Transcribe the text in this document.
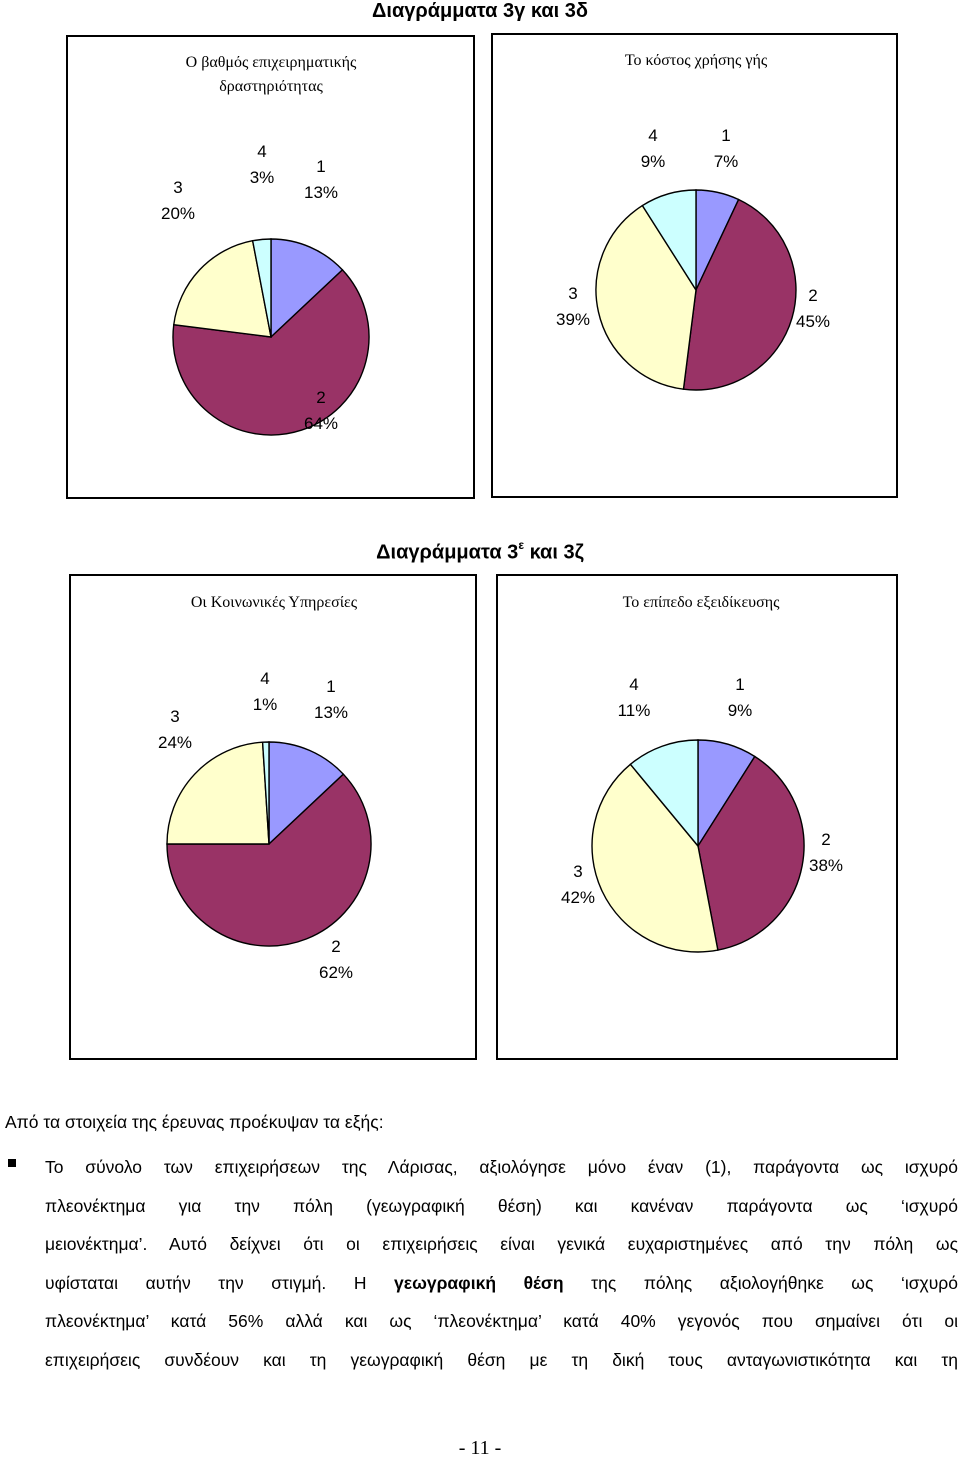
Διαγράμματα 3γ και 3δ
Ο βαθμός επιχειρηματικής
δραστηριότητας
1
13%
2
64%
3
20%
4
3%
Το κόστος χρήσης γής
1
7%
2
45%
3
39%
4
9%
Διαγράμματα $3^\varepsilon$ και 3ζ
Οι Κοινωνικές Υπηρεσίες
1
13%
2
62%
3
24%
4
1%
Το επίπεδο εξειδίκευσης
1
9%
2
38%
3
42%
4
11%
Από τα στοιχεία της έρευνας προέκυψαν τα εξής:
Το σύνολο των επιχειρήσεων της Λάρισας, αξιολόγησε μόνο έναν (1), παράγοντα ως ισχυρό
πλεονέκτημα για την πόλη (γεωγραφική θέση) και κανέναν παράγοντα ως ‘ισχυρό
μειονέκτημα’. Αυτό δείχνει ότι οι επιχειρήσεις είναι γενικά ευχαριστημένες από την πόλη ως
υφίσταται αυτήν την στιγμή. Η γεωγραφική θέση της πόλης αξιολογήθηκε ως ‘ισχυρό
πλεονέκτημα’ κατά 56% αλλά και ως ‘πλεονέκτημα’ κατά 40% γεγονός που σημαίνει ότι οι
επιχειρήσεις συνδέουν και τη γεωγραφική θέση με τη δική τους ανταγωνιστικότητα και τη
- 11 -
